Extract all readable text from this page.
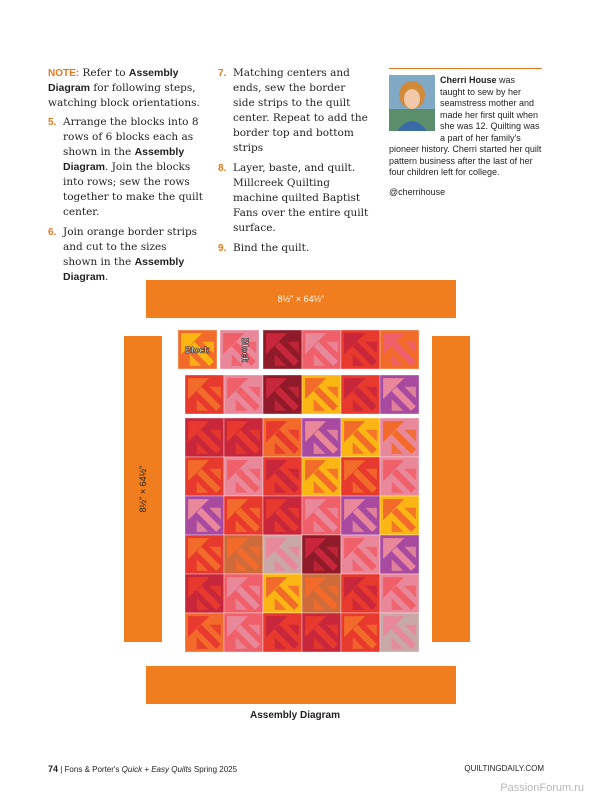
NOTE: Refer to Assembly Diagram for following steps, watching block orientations.

5. Arrange the blocks into 8 rows of 6 blocks each as shown in the Assembly Diagram. Join the blocks into rows; sew the rows together to make the quilt center.
6. Join orange border strips and cut to the sizes shown in the Assembly Diagram.
7. Matching centers and ends, sew the border side strips to the quilt center. Repeat to add the border top and bottom strips
8. Layer, baste, and quilt. Millcreek Quilting machine quilted Baptist Fans over the entire quilt surface.
9. Bind the quilt.
Cherri House was taught to sew by her seamstress mother and made her first quilt when she was 12. Quilting was a part of her family's pioneer history. Cherri started her quilt pattern business after the last of her four children left for college.
@cherrihouse
8½" × 64½"
8½" × 64½"
Block	Block
Assembly Diagram
74 | Fons & Porter's Quick + Easy Quilts Spring 2025	QUILTINGDAILY.COM
PassionForum.ru
